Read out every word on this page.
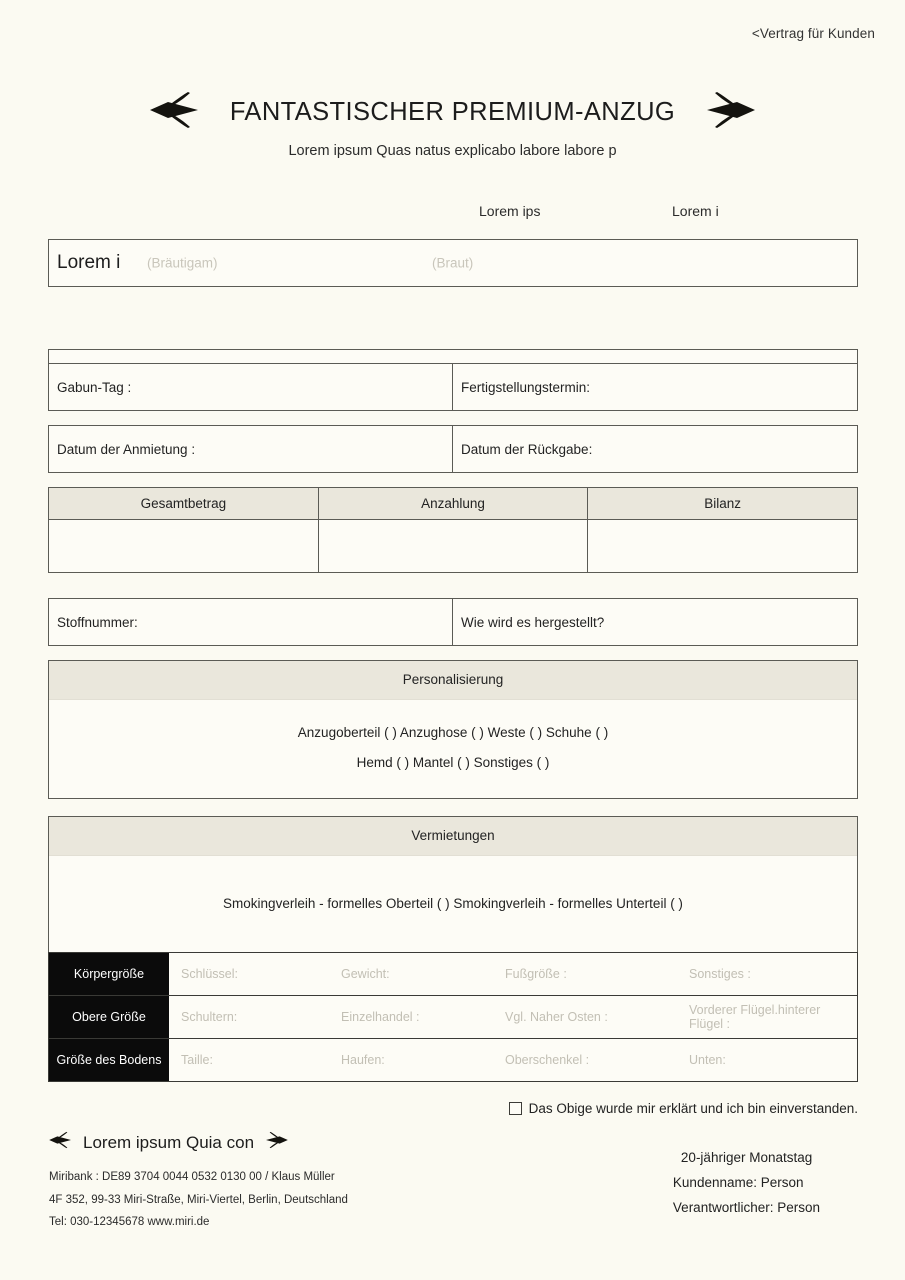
<Vertrag für Kunden
FANTASTISCHER PREMIUM-ANZUG
Lorem ipsum Quas natus explicabo labore labore p
Lorem ips	Lorem i
Lorem i (Bräutigam)	(Braut)
Gabun-Tag :	Fertigstellungstermin:
Datum der Anmietung :	Datum der Rückgabe:
Gesamtbetrag	Anzahlung	Bilanz
Stoffnummer:	Wie wird es hergestellt?
Personalisierung
Anzugoberteil ( ) Anzughose ( ) Weste ( ) Schuhe ( )
Hemd ( ) Mantel ( ) Sonstiges ( )
Vermietungen
Smokingverleih - formelles Oberteil ( ) Smokingverleih - formelles Unterteil ( )
Körpergröße	Schlüssel:	Gewicht:	Fußgröße :	Sonstiges :
Obere Größe	Schultern:	Einzelhandel :	Vgl. Naher Osten :	Vorderer Flügel.hinterer Flügel :
Größe des Bodens	Taille:	Haufen:	Oberschenkel :	Unten:
Das Obige wurde mir erklärt und ich bin einverstanden.
Lorem ipsum Quia con
Miribank : DE89 3704 0044 0532 0130 00 / Klaus Müller
4F 352, 99-33 Miri-Straße, Miri-Viertel, Berlin, Deutschland
Tel: 030-12345678 www.miri.de
20-jähriger Monatstag
Kundenname: Person
Verantwortlicher: Person
